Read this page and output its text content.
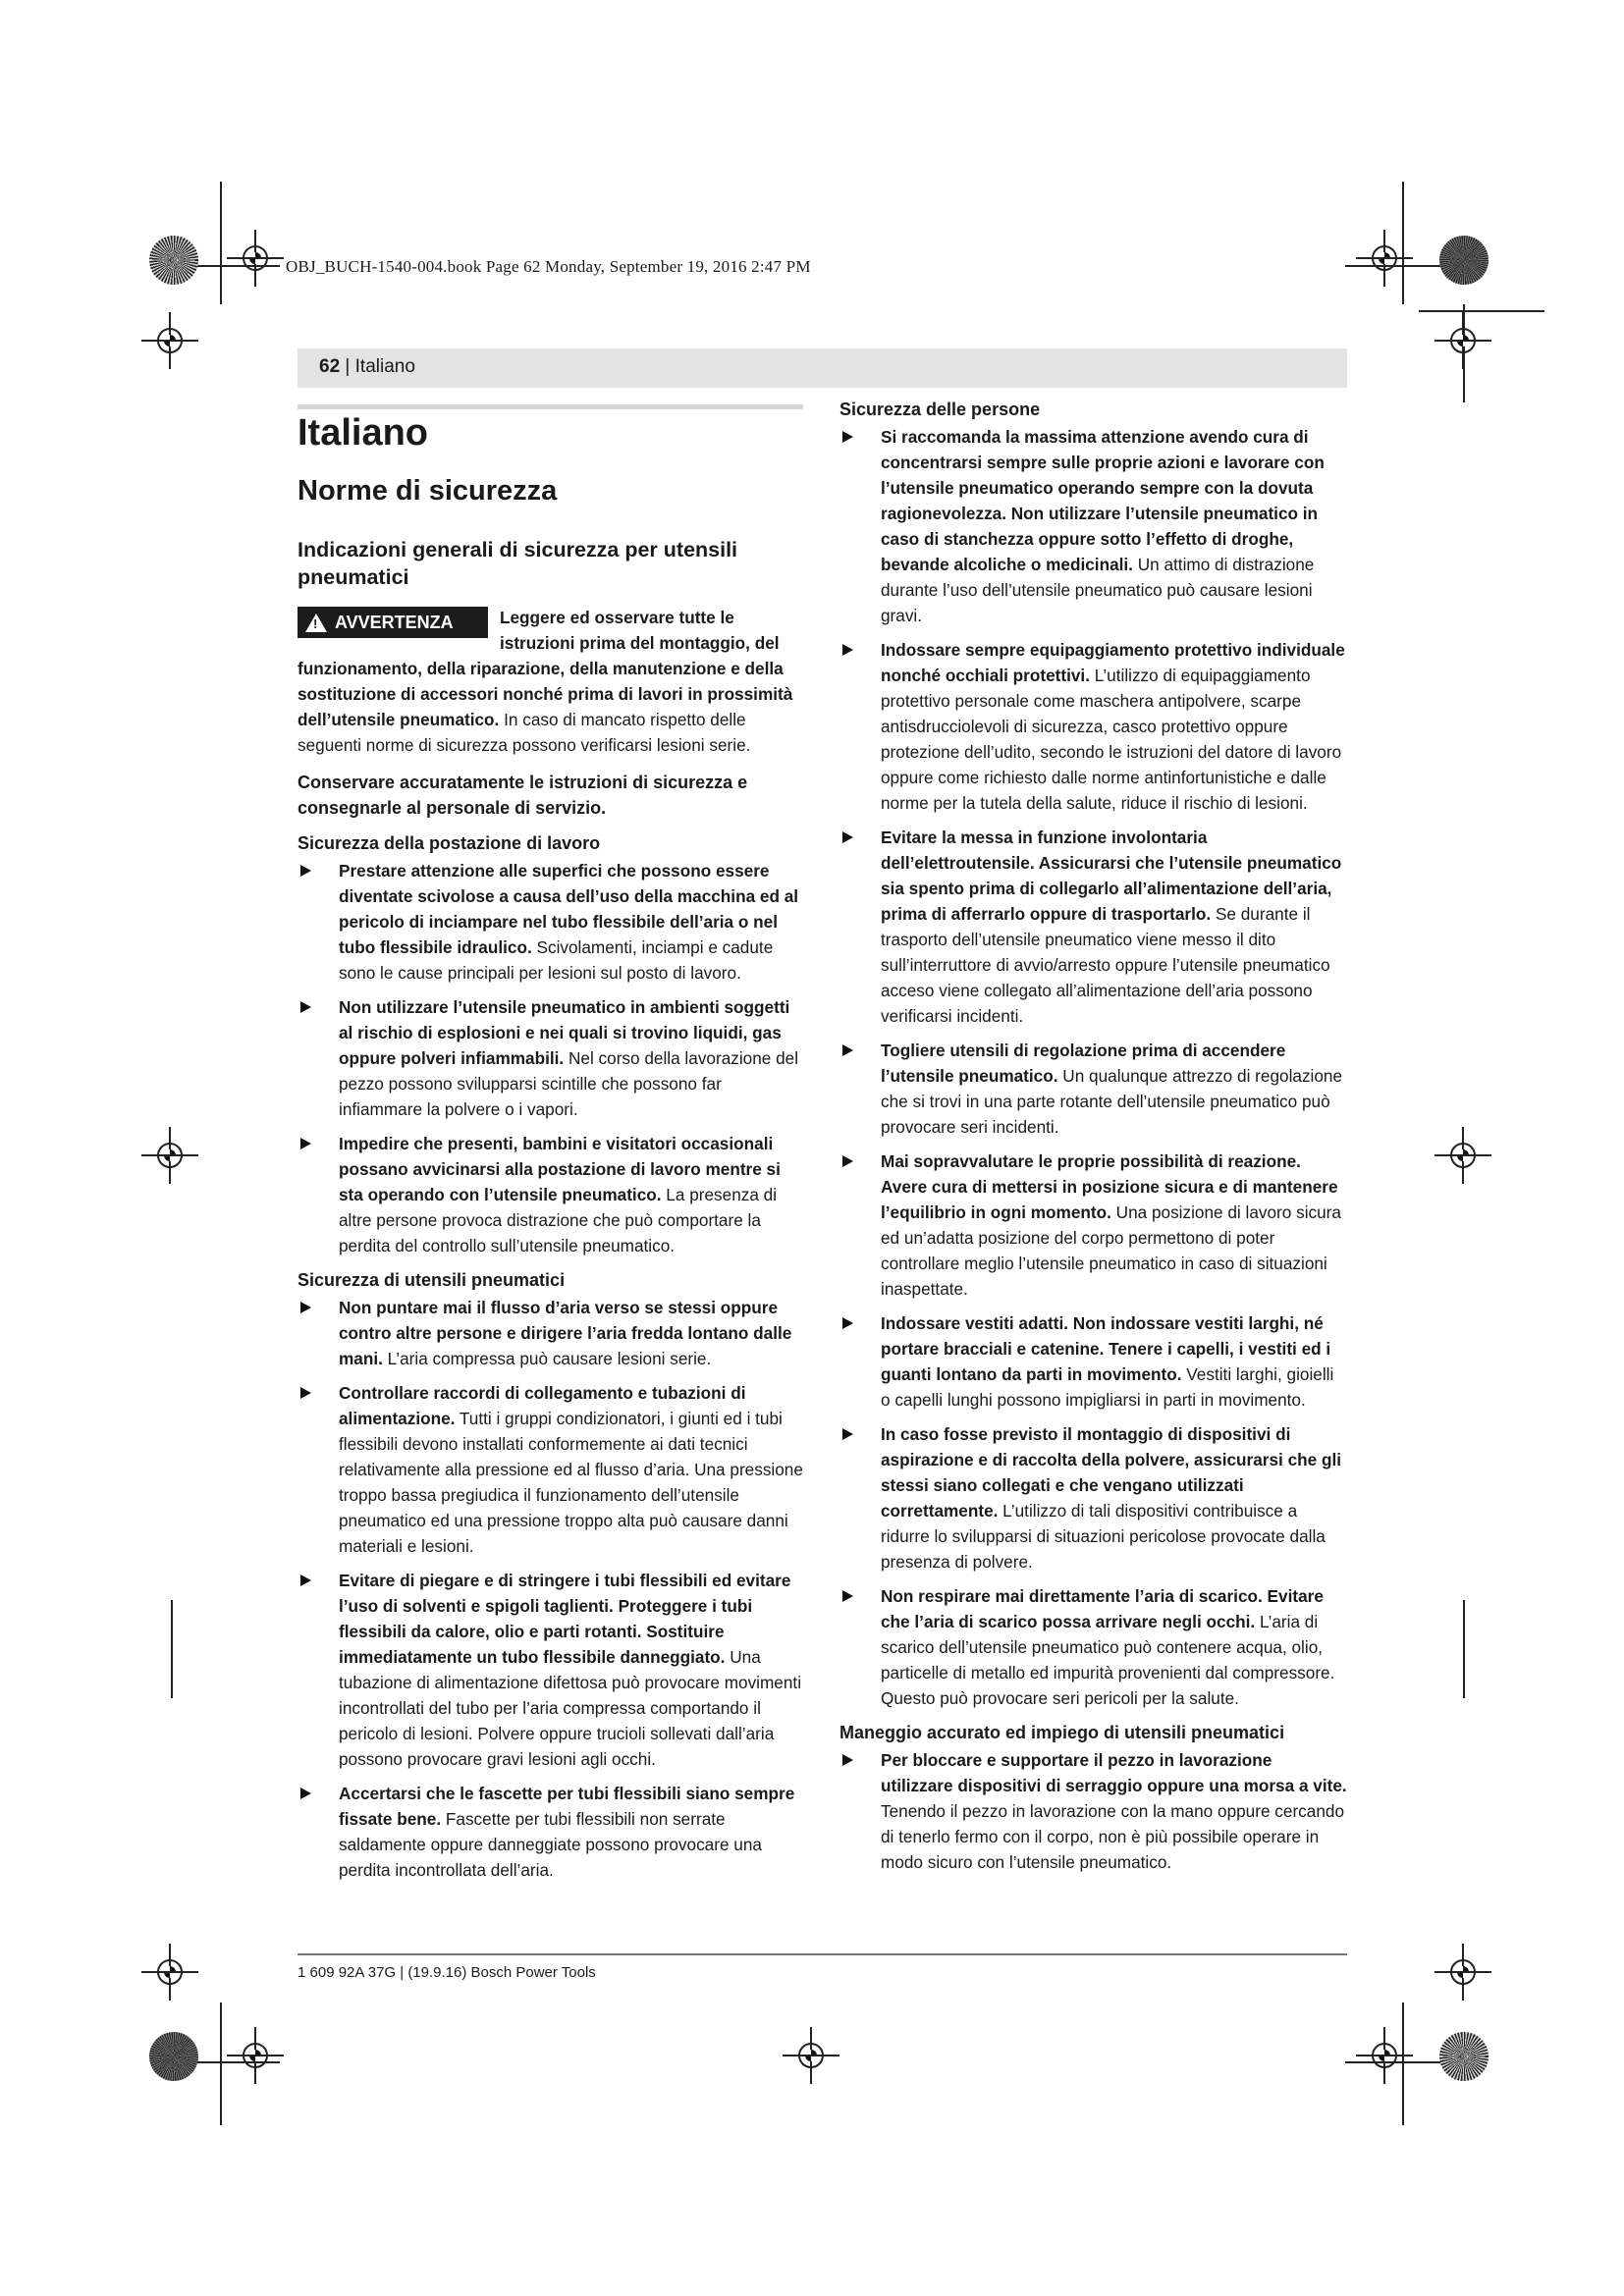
OBJ_BUCH-1540-004.book Page 62 Monday, September 19, 2016 2:47 PM
62 | Italiano

Italiano

Norme di sicurezza

Indicazioni generali di sicurezza per utensili pneumatici

!
AVVERTENZA	Leggere ed osservare tutte le istruzioni prima del montaggio, del funzionamento, della riparazione, della manutenzione e della sostituzione di accessori nonché prima di lavori in prossimità dell’utensile pneumatico. In caso di mancato rispetto delle seguenti norme di sicurezza possono verificarsi lesioni serie.

Conservare accuratamente le istruzioni di sicurezza e consegnarle al personale di servizio.

Sicurezza della postazione di lavoro

Prestare attenzione alle superfici che possono essere diventate scivolose a causa dell’uso della macchina ed al pericolo di inciampare nel tubo flessibile dell’aria o nel tubo flessibile idraulico. Scivolamenti, inciampi e cadute sono le cause principali per lesioni sul posto di lavoro.

Non utilizzare l’utensile pneumatico in ambienti soggetti al rischio di esplosioni e nei quali si trovino liquidi, gas oppure polveri infiammabili. Nel corso della lavorazione del pezzo possono svilupparsi scintille che possono far infiammare la polvere o i vapori.

Impedire che presenti, bambini e visitatori occasionali possano avvicinarsi alla postazione di lavoro mentre si sta operando con l’utensile pneumatico. La presenza di altre persone provoca distrazione che può comportare la perdita del controllo sull’utensile pneumatico.

Sicurezza di utensili pneumatici

Non puntare mai il flusso d’aria verso se stessi oppure contro altre persone e dirigere l’aria fredda lontano dalle mani. L’aria compressa può causare lesioni serie.

Controllare raccordi di collegamento e tubazioni di alimentazione. Tutti i gruppi condizionatori, i giunti ed i tubi flessibili devono installati conformemente ai dati tecnici relativamente alla pressione ed al flusso d’aria. Una pressione troppo bassa pregiudica il funzionamento dell’utensile pneumatico ed una pressione troppo alta può causare danni materiali e lesioni.

Evitare di piegare e di stringere i tubi flessibili ed evitare l’uso di solventi e spigoli taglienti. Proteggere i tubi flessibili da calore, olio e parti rotanti. Sostituire immediatamente un tubo flessibile danneggiato. Una tubazione di alimentazione difettosa può provocare movimenti incontrollati del tubo per l’aria compressa comportando il pericolo di lesioni. Polvere oppure trucioli sollevati dall’aria possono provocare gravi lesioni agli occhi.

Accertarsi che le fascette per tubi flessibili siano sempre fissate bene. Fascette per tubi flessibili non serrate saldamente oppure danneggiate possono provocare una perdita incontrollata dell’aria.

Sicurezza delle persone

Si raccomanda la massima attenzione avendo cura di concentrarsi sempre sulle proprie azioni e lavorare con l’utensile pneumatico operando sempre con la dovuta ragionevolezza. Non utilizzare l’utensile pneumatico in caso di stanchezza oppure sotto l’effetto di droghe, bevande alcoliche o medicinali. Un attimo di distrazione durante l’uso dell’utensile pneumatico può causare lesioni gravi.

Indossare sempre equipaggiamento protettivo individuale nonché occhiali protettivi. L’utilizzo di equipaggiamento protettivo personale come maschera antipolvere, scarpe antisdrucciolevoli di sicurezza, casco protettivo oppure protezione dell’udito, secondo le istruzioni del datore di lavoro oppure come richiesto dalle norme antinfortunistiche e dalle norme per la tutela della salute, riduce il rischio di lesioni.

Evitare la messa in funzione involontaria dell’elettroutensile. Assicurarsi che l’utensile pneumatico sia spento prima di collegarlo all’alimentazione dell’aria, prima di afferrarlo oppure di trasportarlo. Se durante il trasporto dell’utensile pneumatico viene messo il dito sull’interruttore di avvio/arresto oppure l’utensile pneumatico acceso viene collegato all’alimentazione dell’aria possono verificarsi incidenti.

Togliere utensili di regolazione prima di accendere l’utensile pneumatico. Un qualunque attrezzo di regolazione che si trovi in una parte rotante dell’utensile pneumatico può provocare seri incidenti.

Mai sopravvalutare le proprie possibilità di reazione. Avere cura di mettersi in posizione sicura e di mantenere l’equilibrio in ogni momento. Una posizione di lavoro sicura ed un’adatta posizione del corpo permettono di poter controllare meglio l’utensile pneumatico in caso di situazioni inaspettate.

Indossare vestiti adatti. Non indossare vestiti larghi, né portare bracciali e catenine. Tenere i capelli, i vestiti ed i guanti lontano da parti in movimento. Vestiti larghi, gioielli o capelli lunghi possono impigliarsi in parti in movimento.

In caso fosse previsto il montaggio di dispositivi di aspirazione e di raccolta della polvere, assicurarsi che gli stessi siano collegati e che vengano utilizzati correttamente. L’utilizzo di tali dispositivi contribuisce a ridurre lo svilupparsi di situazioni pericolose provocate dalla presenza di polvere.

Non respirare mai direttamente l’aria di scarico. Evitare che l’aria di scarico possa arrivare negli occhi. L’aria di scarico dell’utensile pneumatico può contenere acqua, olio, particelle di metallo ed impurità provenienti dal compressore. Questo può provocare seri pericoli per la salute.

Maneggio accurato ed impiego di utensili pneumatici

Per bloccare e supportare il pezzo in lavorazione utilizzare dispositivi di serraggio oppure una morsa a vite. Tenendo il pezzo in lavorazione con la mano oppure cercando di tenerlo fermo con il corpo, non è più possibile operare in modo sicuro con l’utensile pneumatico.

1 609 92A 37G | (19.9.16) Bosch Power Tools
